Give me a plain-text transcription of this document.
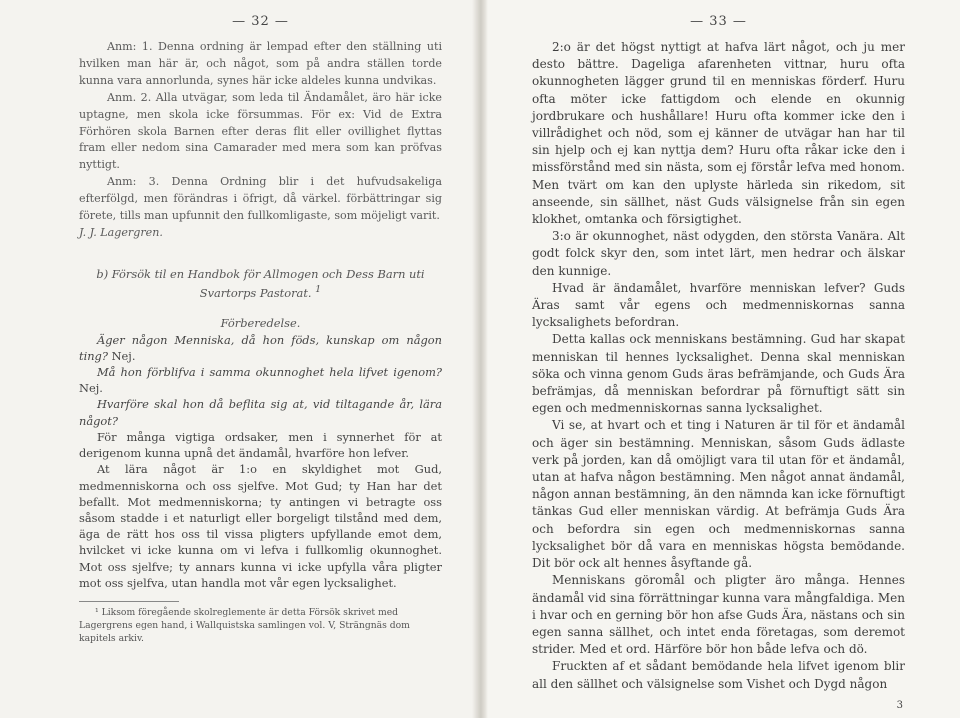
— 32 —

Anm: 1. Denna ordning är lempad efter den ställning uti hvilken man här är, och något, som på andra ställen torde kunna vara annorlunda, synes här icke aldeles kunna undvikas.

Anm. 2. Alla utvägar, som leda til Ändamålet, äro här icke uptagne, men skola icke försummas. För ex: Vid de Extra Förhören skola Barnen efter deras flit eller ovillighet flyttas fram eller nedom sina Camarader med mera som kan pröfvas nyttigt.

Anm: 3. Denna Ordning blir i det hufvudsakeliga efterfölgd, men förändras i öfrigt, då värkel. förbättringar sig förete, tills man upfunnit den fullkomligaste, som möjeligt varit.

J. J. Lagergren.

b) Försök til en Handbok för Allmogen och Dess Barn uti Svartorps Pastorat. $^1$
Förberedelse.

Äger någon Menniska, då hon föds, kunskap om någon ting? Nej.

Må hon förblifva i samma okunnoghet hela lifvet igenom? Nej.

Hvarföre skal hon då beflita sig at, vid tiltagande år, lära något?

För många vigtiga ordsaker, men i synnerhet för at derigenom kunna upnå det ändamål, hvarföre hon lefver.

At lära något är 1:o en skyldighet mot Gud, medmenniskorna och oss sjelfve. Mot Gud; ty Han har det befallt. Mot medmenniskorna; ty antingen vi betragte oss såsom stadde i et naturligt eller borgeligt tilstånd med dem, äga de rätt hos oss til vissa pligters upfyllande emot dem, hvilcket vi icke kunna om vi lefva i fullkomlig okunnoghet. Mot oss sjelfve; ty annars kunna vi icke upfylla våra pligter mot oss sjelfva, utan handla mot vår egen lycksalighet.

¹ Liksom föregående skolreglemente är detta Försök skrivet med Lagergrens egen hand, i Wallquistska samlingen vol. V, Strängnäs dom kapitels arkiv.

— 33 —

2:o är det högst nyttigt at hafva lärt något, och ju mer desto bättre. Dageliga afarenheten vittnar, huru ofta okunnogheten lägger grund til en menniskas förderf. Huru ofta möter icke fattigdom och elende en okunnig jordbrukare och hushållare! Huru ofta kommer icke den i villrådighet och nöd, som ej känner de utvägar han har til sin hjelp och ej kan nyttja dem? Huru ofta råkar icke den i missförstånd med sin nästa, som ej förstår lefva med honom. Men tvärt om kan den uplyste härleda sin rikedom, sit anseende, sin sällhet, näst Guds välsignelse från sin egen klokhet, omtanka och försigtighet.

3:o är okunnoghet, näst odygden, den största Vanära. Alt godt folck skyr den, som intet lärt, men hedrar och älskar den kunnige.

Hvad är ändamålet, hvarföre menniskan lefver? Guds Äras samt vår egens och medmenniskornas sanna lycksalighets befordran.

Detta kallas ock menniskans bestämning. Gud har skapat menniskan til hennes lycksalighet. Denna skal menniskan söka och vinna genom Guds äras befrämjande, och Guds Ära befrämjas, då menniskan befordrar på förnuftigt sätt sin egen och medmenniskornas sanna lycksalighet.

Vi se, at hvart och et ting i Naturen är til för et ändamål och äger sin bestämning. Menniskan, såsom Guds ädlaste verk på jorden, kan då omöjligt vara til utan för et ändamål, utan at hafva någon bestämning. Men något annat ändamål, någon annan bestämning, än den nämnda kan icke förnuftigt tänkas Gud eller menniskan värdig. At befrämja Guds Ära och befordra sin egen och medmenniskornas sanna lycksalighet bör då vara en menniskas högsta bemödande. Dit bör ock alt hennes åsyftande gå.

Menniskans göromål och pligter äro många. Hennes ändamål vid sina förrättningar kunna vara mångfaldiga. Men i hvar och en gerning bör hon afse Guds Ära, nästans och sin egen sanna sällhet, och intet enda företagas, som deremot strider. Med et ord. Härföre bör hon både lefva och dö.

Fruckten af et sådant bemödande hela lifvet igenom blir all den sällhet och välsignelse som Vishet och Dygd någon

3
